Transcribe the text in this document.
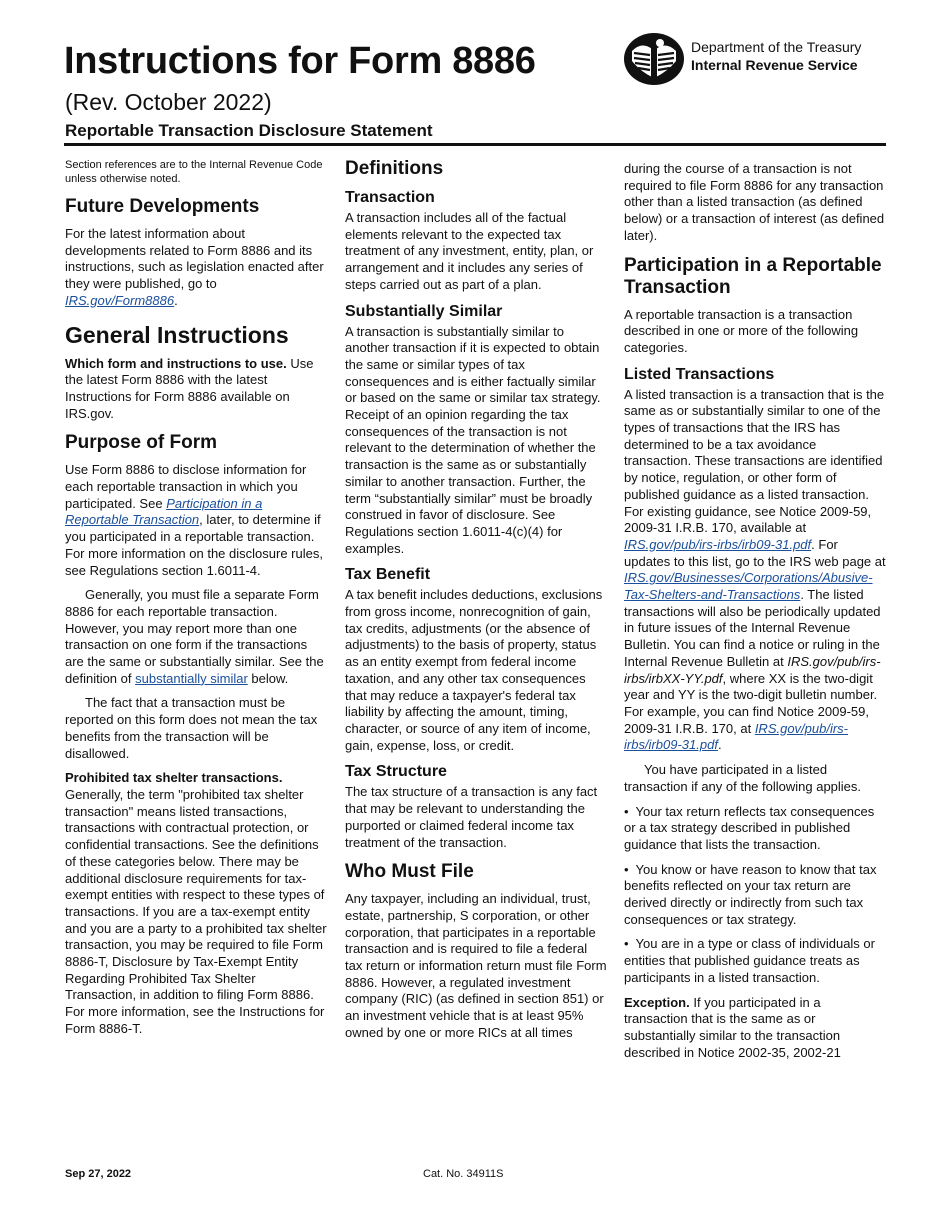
Instructions for Form 8886
(Rev. October 2022)
Reportable Transaction Disclosure Statement
Department of the Treasury
Internal Revenue Service

Section references are to the Internal Revenue Code unless otherwise noted.

Future Developments

For the latest information about developments related to Form 8886 and its instructions, such as legislation enacted after they were published, go to IRS.gov/Form8886.

General Instructions

Which form and instructions to use. Use the latest Form 8886 with the latest Instructions for Form 8886 available on IRS.gov.

Purpose of Form

Use Form 8886 to disclose information for each reportable transaction in which you participated. See Participation in a Reportable Transaction, later, to determine if you participated in a reportable transaction. For more information on the disclosure rules, see Regulations section 1.6011-4.

Generally, you must file a separate Form 8886 for each reportable transaction. However, you may report more than one transaction on one form if the transactions are the same or substantially similar. See the definition of substantially similar below.

The fact that a transaction must be reported on this form does not mean the tax benefits from the transaction will be disallowed.

Prohibited tax shelter transactions. Generally, the term "prohibited tax shelter transaction" means listed transactions, transactions with contractual protection, or confidential transactions. See the definitions of these categories below. There may be additional disclosure requirements for tax-exempt entities with respect to these types of transactions. If you are a tax-exempt entity and you are a party to a prohibited tax shelter transaction, you may be required to file Form 8886-T, Disclosure by Tax-Exempt Entity Regarding Prohibited Tax Shelter Transaction, in addition to filing Form 8886. For more information, see the Instructions for Form 8886-T.

Definitions
Transaction

A transaction includes all of the factual elements relevant to the expected tax treatment of any investment, entity, plan, or arrangement and it includes any series of steps carried out as part of a plan.

Substantially Similar

A transaction is substantially similar to another transaction if it is expected to obtain the same or similar types of tax consequences and is either factually similar or based on the same or similar tax strategy. Receipt of an opinion regarding the tax consequences of the transaction is not relevant to the determination of whether the transaction is the same as or substantially similar to another transaction. Further, the term “substantially similar” must be broadly construed in favor of disclosure. See Regulations section 1.6011-4(c)(4) for examples.

Tax Benefit

A tax benefit includes deductions, exclusions from gross income, nonrecognition of gain, tax credits, adjustments (or the absence of adjustments) to the basis of property, status as an entity exempt from federal income taxation, and any other tax consequences that may reduce a taxpayer's federal tax liability by affecting the amount, timing, character, or source of any item of income, gain, expense, loss, or credit.

Tax Structure

The tax structure of a transaction is any fact that may be relevant to understanding the purported or claimed federal income tax treatment of the transaction.

Who Must File

Any taxpayer, including an individual, trust, estate, partnership, S corporation, or other corporation, that participates in a reportable transaction and is required to file a federal tax return or information return must file Form 8886. However, a regulated investment company (RIC) (as defined in section 851) or an investment vehicle that is at least 95% owned by one or more RICs at all times

during the course of a transaction is not required to file Form 8886 for any transaction other than a listed transaction (as defined below) or a transaction of interest (as defined later).

Participation in a Reportable Transaction

A reportable transaction is a transaction described in one or more of the following categories.

Listed Transactions

A listed transaction is a transaction that is the same as or substantially similar to one of the types of transactions that the IRS has determined to be a tax avoidance transaction. These transactions are identified by notice, regulation, or other form of published guidance as a listed transaction. For existing guidance, see Notice 2009-59, 2009-31 I.R.B. 170, available at IRS.gov/pub/irs-irbs/irb09-31.pdf. For updates to this list, go to the IRS web page at IRS.gov/Businesses/Corporations/Abusive-Tax-Shelters-and-Transactions. The listed transactions will also be periodically updated in future issues of the Internal Revenue Bulletin. You can find a notice or ruling in the Internal Revenue Bulletin at IRS.gov/pub/irs-irbs/irbXX-YY.pdf, where XX is the two-digit year and YY is the two-digit bulletin number. For example, you can find Notice 2009-59, 2009-31 I.R.B. 170, at IRS.gov/pub/irs-irbs/irb09-31.pdf.

You have participated in a listed transaction if any of the following applies.

•  Your tax return reflects tax consequences or a tax strategy described in published guidance that lists the transaction.

•  You know or have reason to know that tax benefits reflected on your tax return are derived directly or indirectly from such tax consequences or tax strategy.

•  You are in a type or class of individuals or entities that published guidance treats as participants in a listed transaction.

Exception. If you participated in a transaction that is the same as or substantially similar to the transaction described in Notice 2002-35, 2002-21

Sep 27, 2022	Cat. No. 34911S
